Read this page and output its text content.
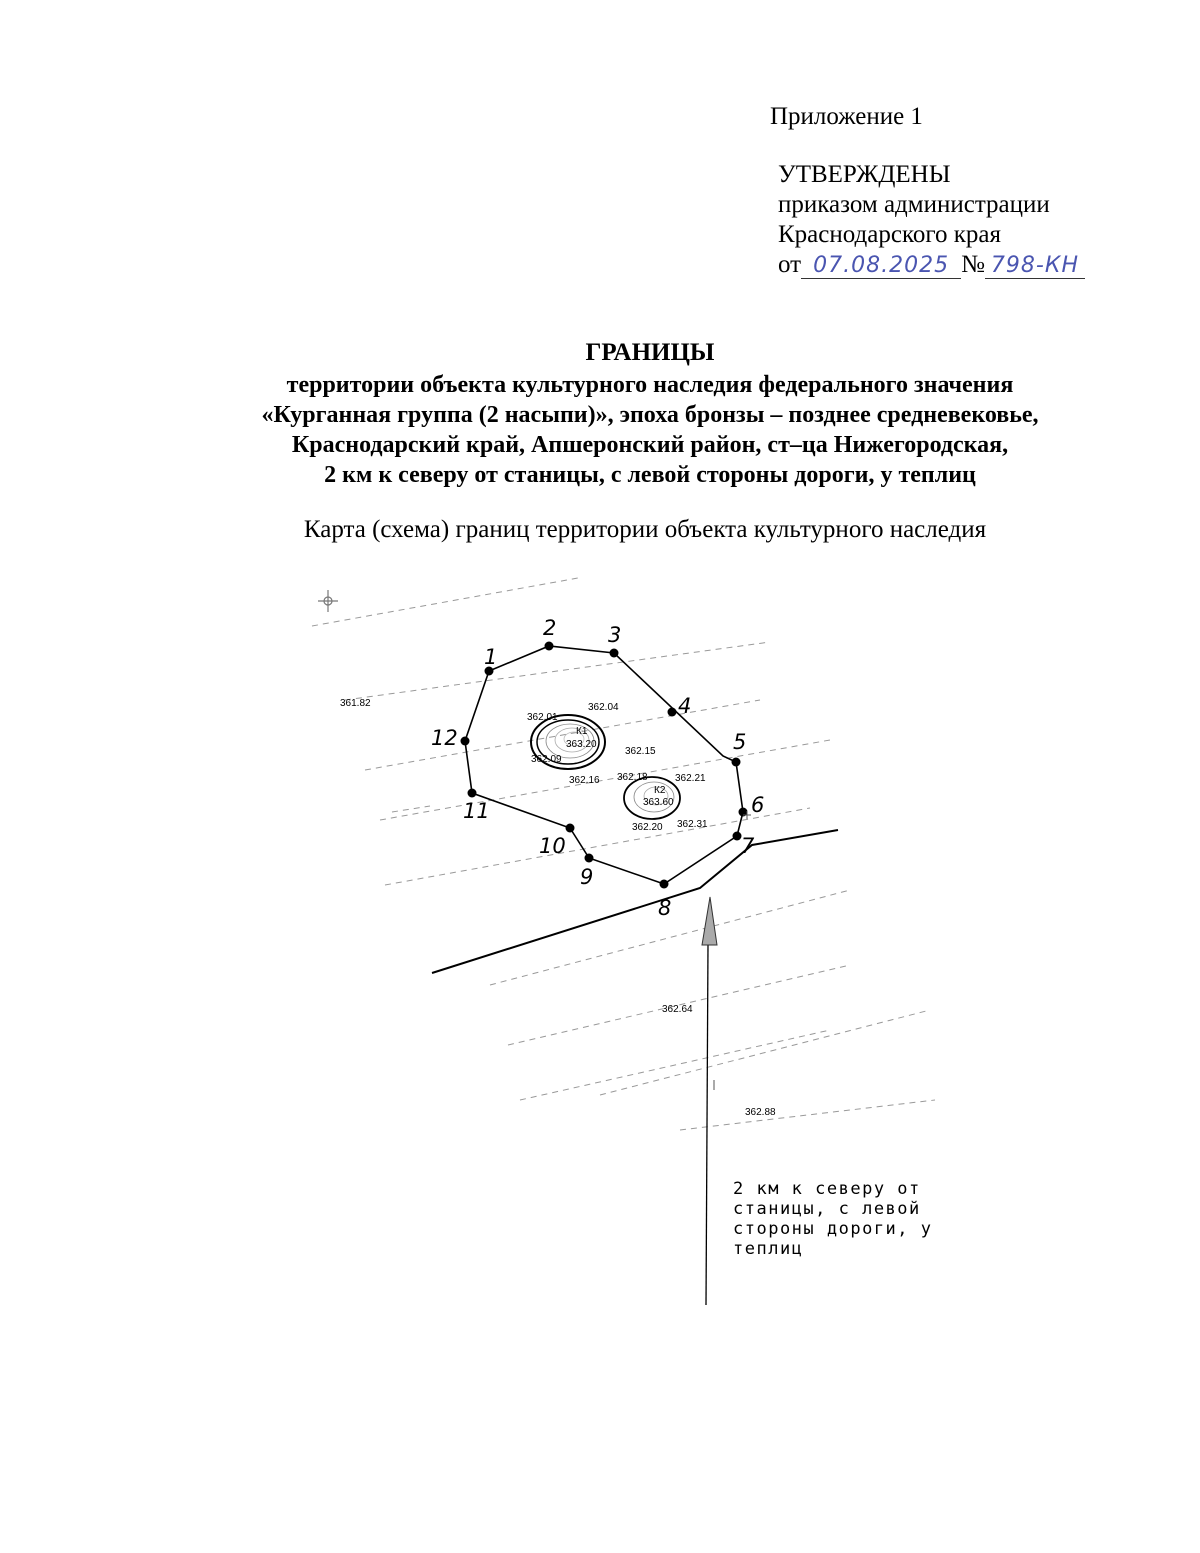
Приложение 1
УТВЕРЖДЕНЫ
приказом администрации
Краснодарского края
от 07.08.2025 № 798-КН
ГРАНИЦЫ
территории объекта культурного наследия федерального значения
«Курганная группа (2 насыпи)», эпоха бронзы – позднее средневековье,
Краснодарский край, Апшеронский район, ст–ца Нижегородская,
2 км к северу от станицы, с левой стороны дороги, у теплиц
Карта (схема) границ территории объекта культурного наследия
1
2 3
4
5
6
7
8
9
10
11
12	К1
К2
361.82
362.01
362.04
363.20
362.15
362.09
362.16 362.18	362.21
363.60
362.20 362.31
362.64
362.88
2 км к северу от
станицы, с левой
стороны дороги, у
теплиц
